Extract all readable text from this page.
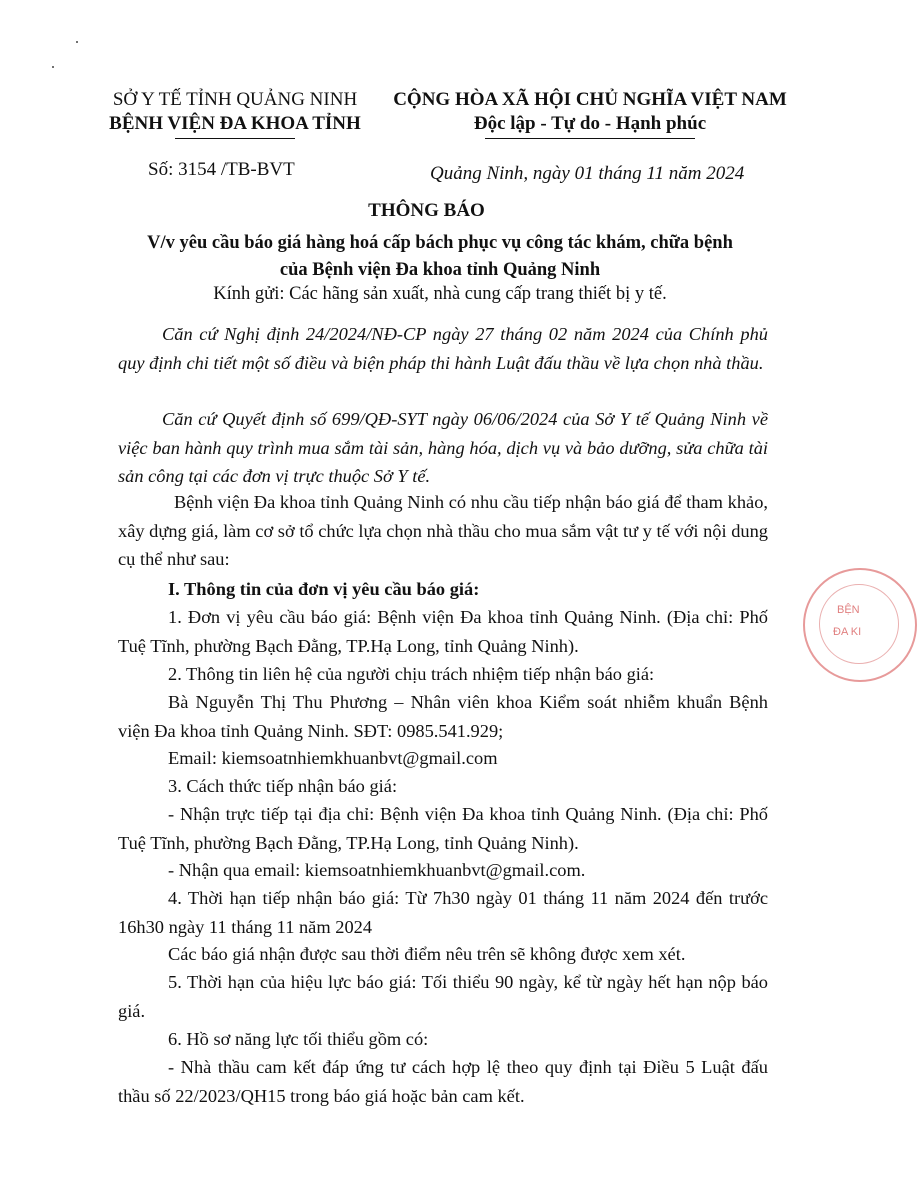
SỞ Y TẾ TỈNH QUẢNG NINH
BỆNH VIỆN ĐA KHOA TỈNH
CỘNG HÒA XÃ HỘI CHỦ NGHĨA VIỆT NAM
Độc lập - Tự do - Hạnh phúc
Số: 3154 /TB-BVT	Quảng Ninh, ngày 01 tháng 11 năm 2024
THÔNG BÁO
V/v yêu cầu báo giá hàng hoá cấp bách phục vụ công tác khám, chữa bệnh
của Bệnh viện Đa khoa tỉnh Quảng Ninh
Kính gửi: Các hãng sản xuất, nhà cung cấp trang thiết bị y tế.
Căn cứ Nghị định 24/2024/NĐ-CP ngày 27 tháng 02 năm 2024 của Chính phủ quy định chi tiết một số điều và biện pháp thi hành Luật đấu thầu về lựa chọn nhà thầu.
Căn cứ Quyết định số 699/QĐ-SYT ngày 06/06/2024 của Sở Y tế Quảng Ninh về việc ban hành quy trình mua sắm tài sản, hàng hóa, dịch vụ và bảo dưỡng, sửa chữa tài sản công tại các đơn vị trực thuộc Sở Y tế.
Bệnh viện Đa khoa tỉnh Quảng Ninh có nhu cầu tiếp nhận báo giá để tham khảo, xây dựng giá, làm cơ sở tổ chức lựa chọn nhà thầu cho mua sắm vật tư y tế với nội dung cụ thể như sau:
I. Thông tin của đơn vị yêu cầu báo giá:
1. Đơn vị yêu cầu báo giá: Bệnh viện Đa khoa tỉnh Quảng Ninh. (Địa chỉ: Phố Tuệ Tĩnh, phường Bạch Đằng, TP.Hạ Long, tỉnh Quảng Ninh).
2. Thông tin liên hệ của người chịu trách nhiệm tiếp nhận báo giá:
Bà Nguyễn Thị Thu Phương – Nhân viên khoa Kiểm soát nhiễm khuẩn Bệnh viện Đa khoa tỉnh Quảng Ninh. SĐT: 0985.541.929;
Email: kiemsoatnhiemkhuanbvt@gmail.com
3. Cách thức tiếp nhận báo giá:
- Nhận trực tiếp tại địa chỉ: Bệnh viện Đa khoa tỉnh Quảng Ninh. (Địa chỉ: Phố Tuệ Tĩnh, phường Bạch Đằng, TP.Hạ Long, tỉnh Quảng Ninh).
- Nhận qua email: kiemsoatnhiemkhuanbvt@gmail.com.
4. Thời hạn tiếp nhận báo giá: Từ 7h30 ngày 01 tháng 11 năm 2024 đến trước 16h30 ngày 11 tháng 11 năm 2024
Các báo giá nhận được sau thời điểm nêu trên sẽ không được xem xét.
5. Thời hạn của hiệu lực báo giá: Tối thiểu 90 ngày, kể từ ngày hết hạn nộp báo giá.
6. Hồ sơ năng lực tối thiểu gồm có:
- Nhà thầu cam kết đáp ứng tư cách hợp lệ theo quy định tại Điều 5 Luật đấu thầu số 22/2023/QH15 trong báo giá hoặc bản cam kết.
BỆN
ĐA KI
